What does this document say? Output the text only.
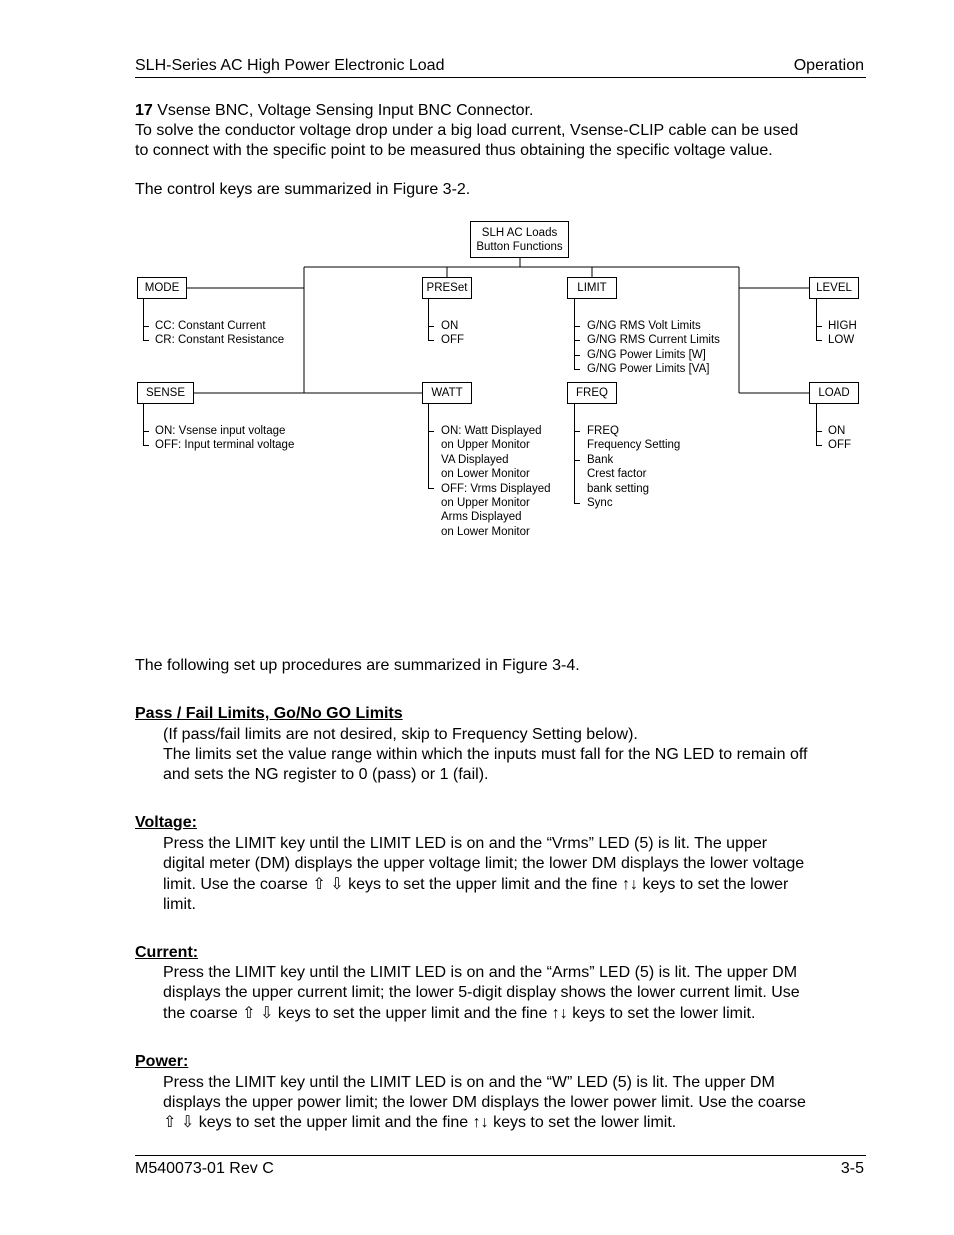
SLH-Series AC High Power Electronic Load	Operation

17 Vsense BNC, Voltage Sensing Input BNC Connector.

To solve the conductor voltage drop under a big load current, Vsense-CLIP cable can be used

to connect with the specific point to be measured thus obtaining the specific voltage value.

The control keys are summarized in Figure 3-2.

SLH AC Loads
Button Functions
MODE	PRESet	LIMIT	LEVEL
CC: Constant Current
CR: Constant Resistance
ON
OFF
G/NG RMS Volt Limits
G/NG RMS Current Limits
G/NG Power Limits [W]
G/NG Power Limits [VA]
HIGH
LOW
SENSE	WATT	FREQ	LOAD
ON: Vsense input voltage
OFF: Input terminal voltage
ON: Watt Displayed
on Upper Monitor
VA Displayed
on Lower Monitor
OFF: Vrms Displayed
on Upper Monitor
Arms Displayed
on Lower Monitor
FREQ
Frequency Setting
Bank
Crest factor
bank setting
Sync
ON
OFF

The following set up procedures are summarized in Figure 3-4.

Pass / Fail Limits, Go/No GO Limits

(If pass/fail limits are not desired, skip to Frequency Setting below).

The limits set the value range within which the inputs must fall for the NG LED to remain off

and sets the NG register to 0 (pass) or 1 (fail).

Voltage:

Press the LIMIT key until the LIMIT LED is on and the “Vrms” LED (5) is lit. The upper

digital meter (DM) displays the upper voltage limit; the lower DM displays the lower voltage

limit. Use the coarse ⇧ ⇩ keys to set the upper limit and the fine ↑↓ keys to set the lower

limit.

Current:

Press the LIMIT key until the LIMIT LED is on and the “Arms” LED (5) is lit. The upper DM

displays the upper current limit; the lower 5-digit display shows the lower current limit. Use

the coarse ⇧ ⇩ keys to set the upper limit and the fine ↑↓ keys to set the lower limit.

Power:

Press the LIMIT key until the LIMIT LED is on and the “W” LED (5) is lit. The upper DM

displays the upper power limit; the lower DM displays the lower power limit. Use the coarse

⇧ ⇩ keys to set the upper limit and the fine ↑↓ keys to set the lower limit.

M540073-01 Rev C	3-5
